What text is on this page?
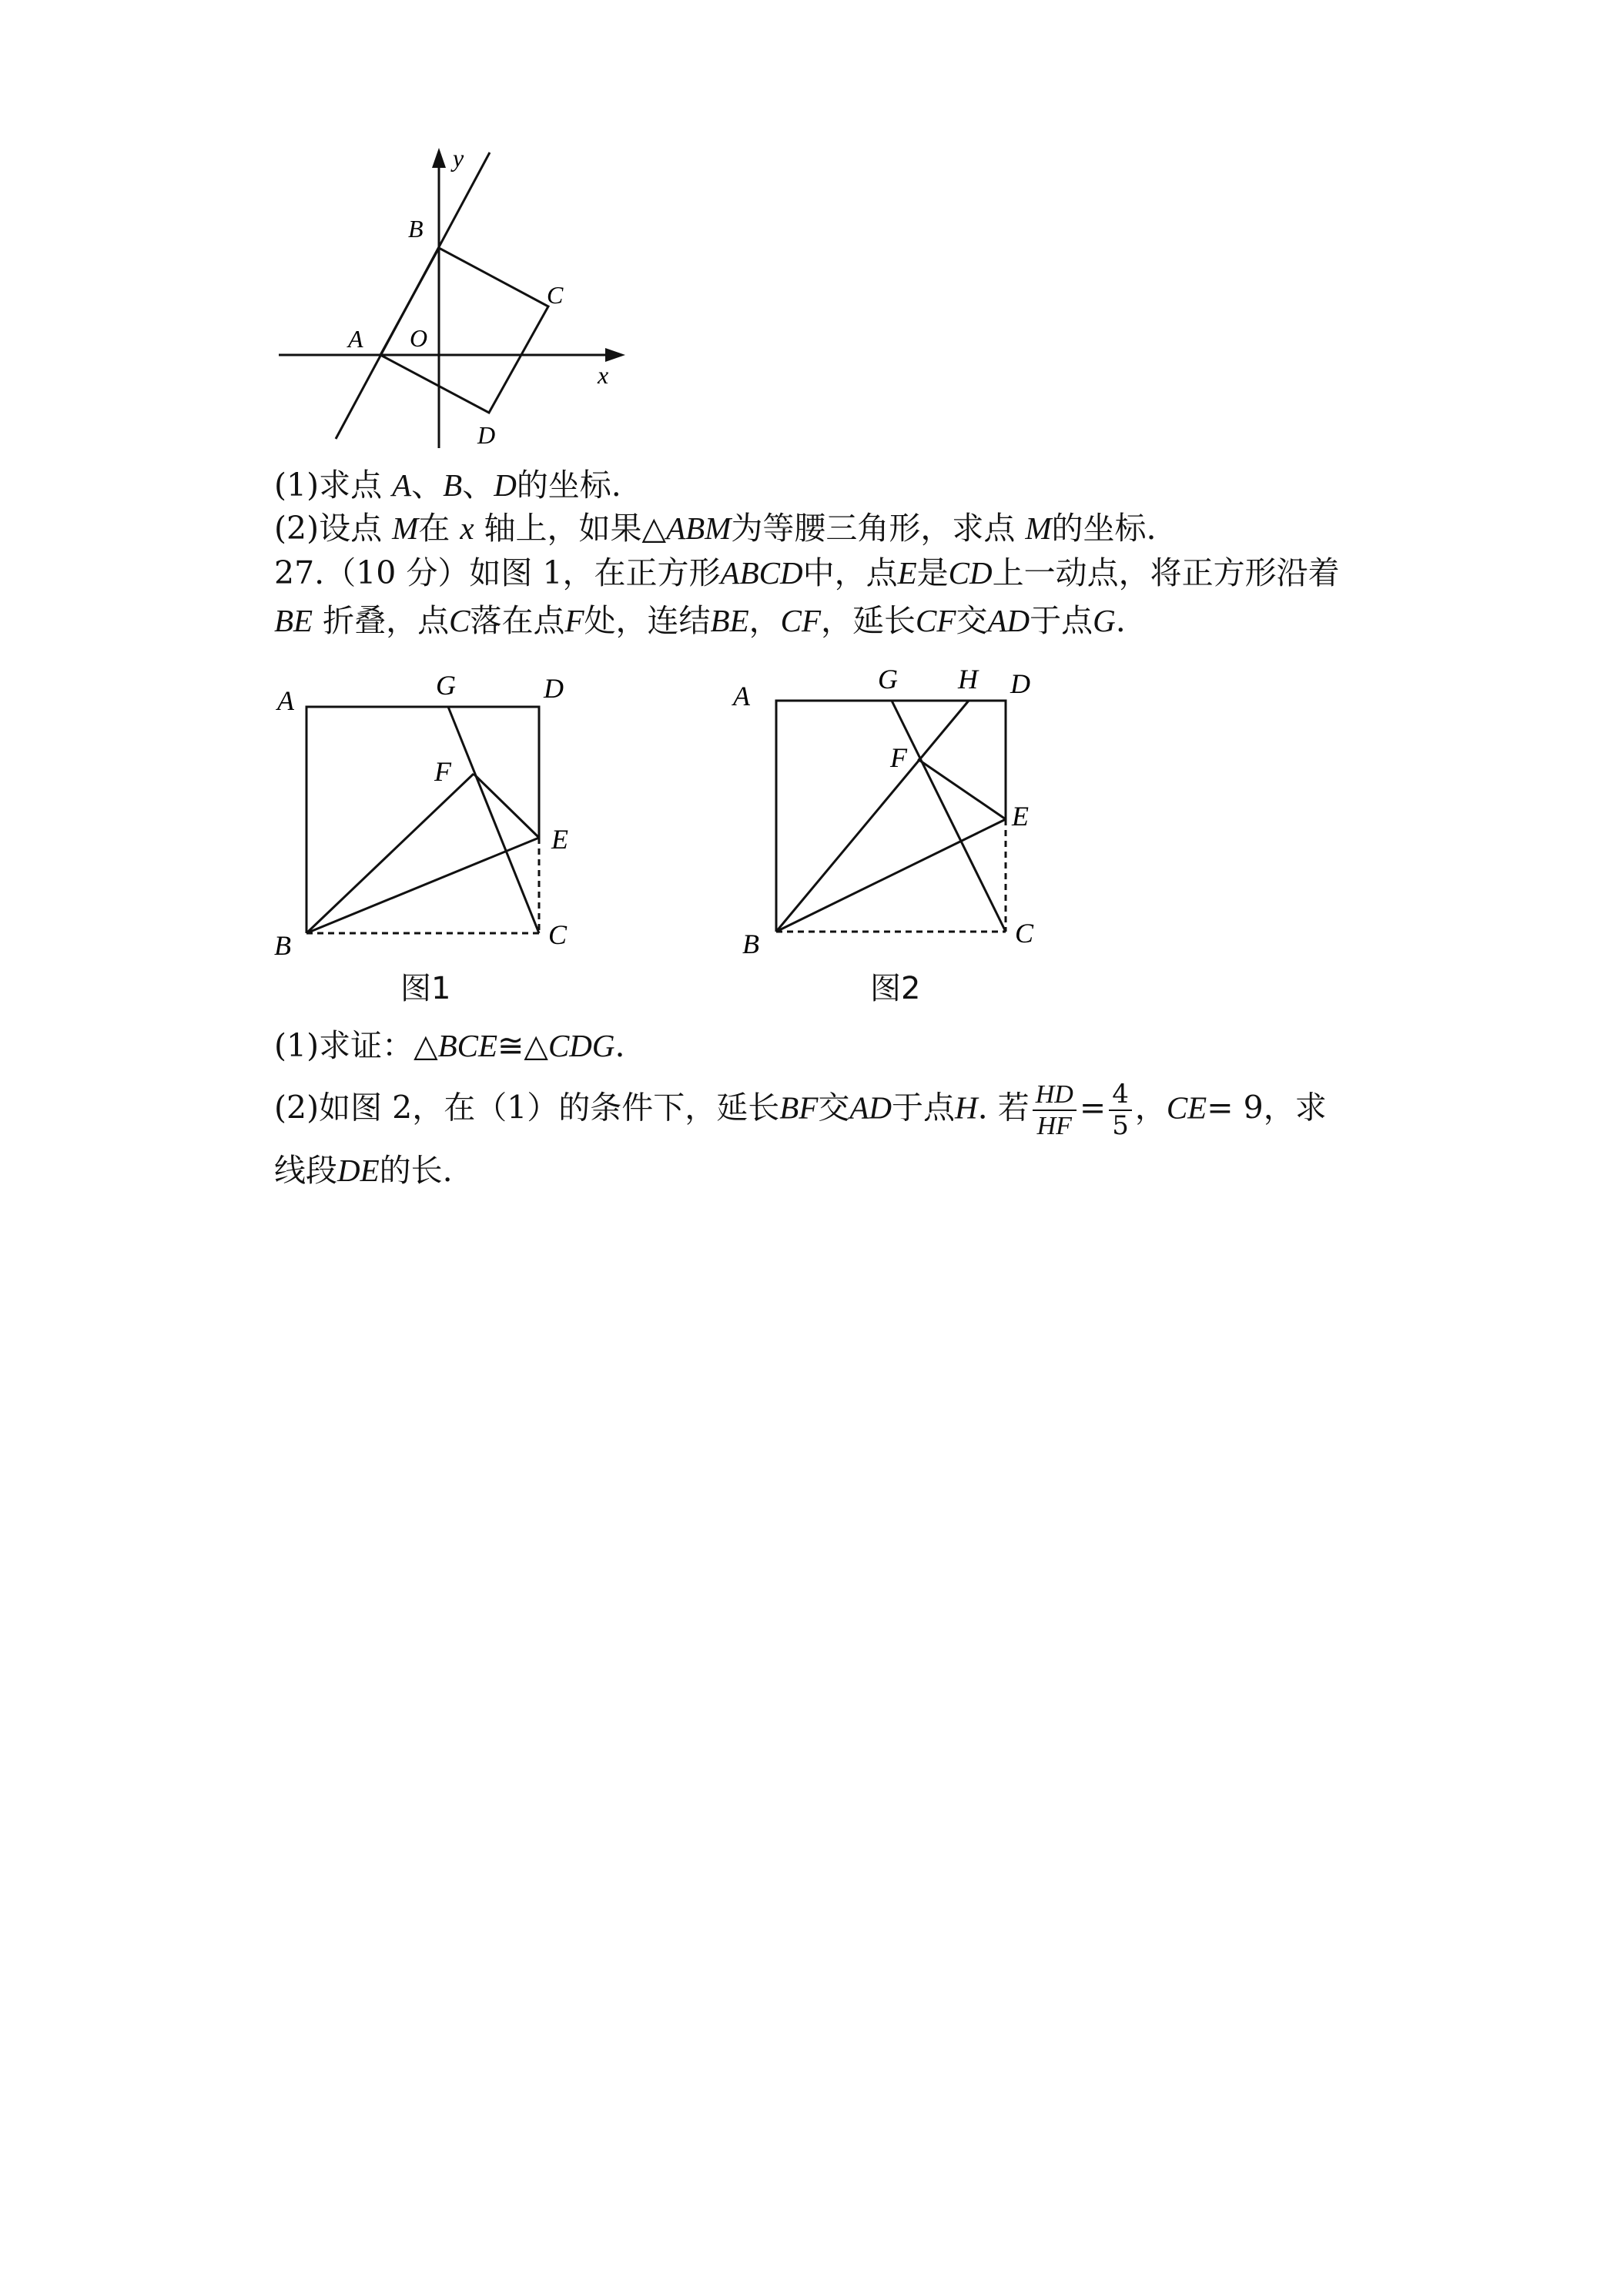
y
x
B
C
A O
D
(1)求点 A、B、D的坐标.
(2)设点 M在 x 轴上，如果△ABM为等腰三角形，求点 M的坐标.
27.（10 分）如图 1，在正方形ABCD中，点E是CD上一动点，将正方形沿着
BE 折叠，点C落在点F处，连结BE，CF，延长CF交AD于点G.
A	G	D
F
E
B	C
图1
A
G H D
F
E
B	C
图2
(1)求证：△BCE≅△CDG.
(2)如图 2，在（1）的条件下，延长BF交AD于点H. 若 $\frac{HD}{HF} = \frac{4}{5}$ ，CE= 9，求
线段DE的长.
